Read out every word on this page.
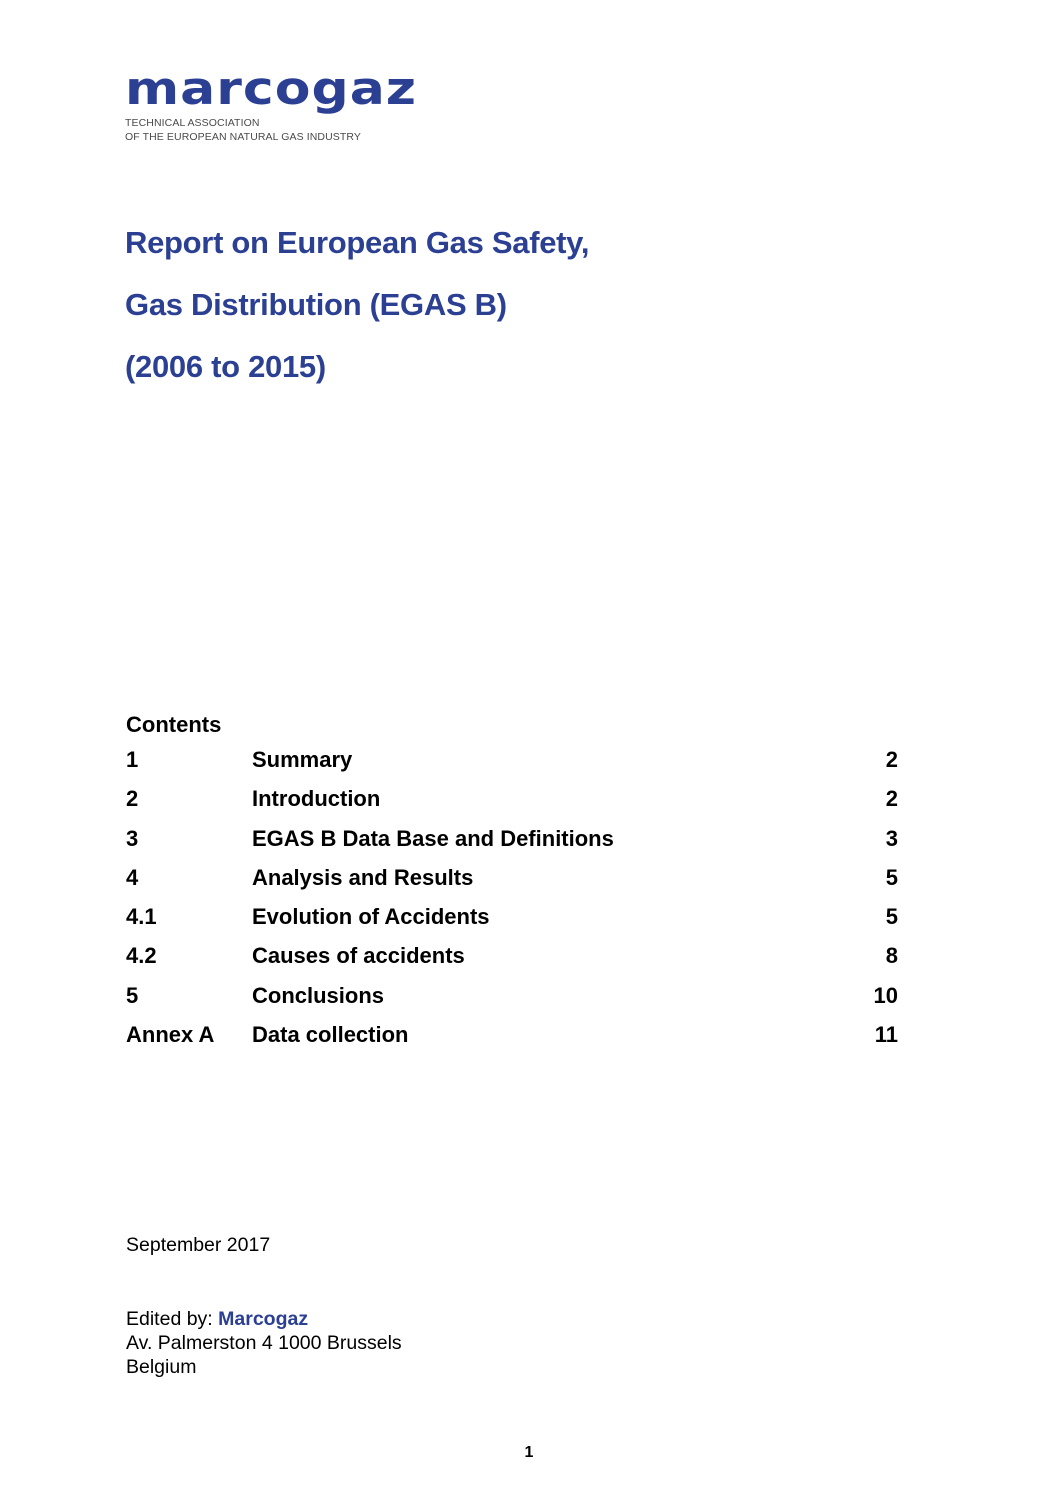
marcogaz
TECHNICAL ASSOCIATION
OF THE EUROPEAN NATURAL GAS INDUSTRY
Report on European Gas Safety,
Gas Distribution (EGAS B)
(2006 to 2015)
Contents
1	Summary	2
2	Introduction	2
3	EGAS B Data Base and Definitions	3
4	Analysis and Results	5
4.1	Evolution of Accidents	5
4.2	Causes of accidents	8
5	Conclusions	10
Annex A	Data collection	11
September 2017
Edited by: Marcogaz
Av. Palmerston 4 1000 Brussels
Belgium
1
